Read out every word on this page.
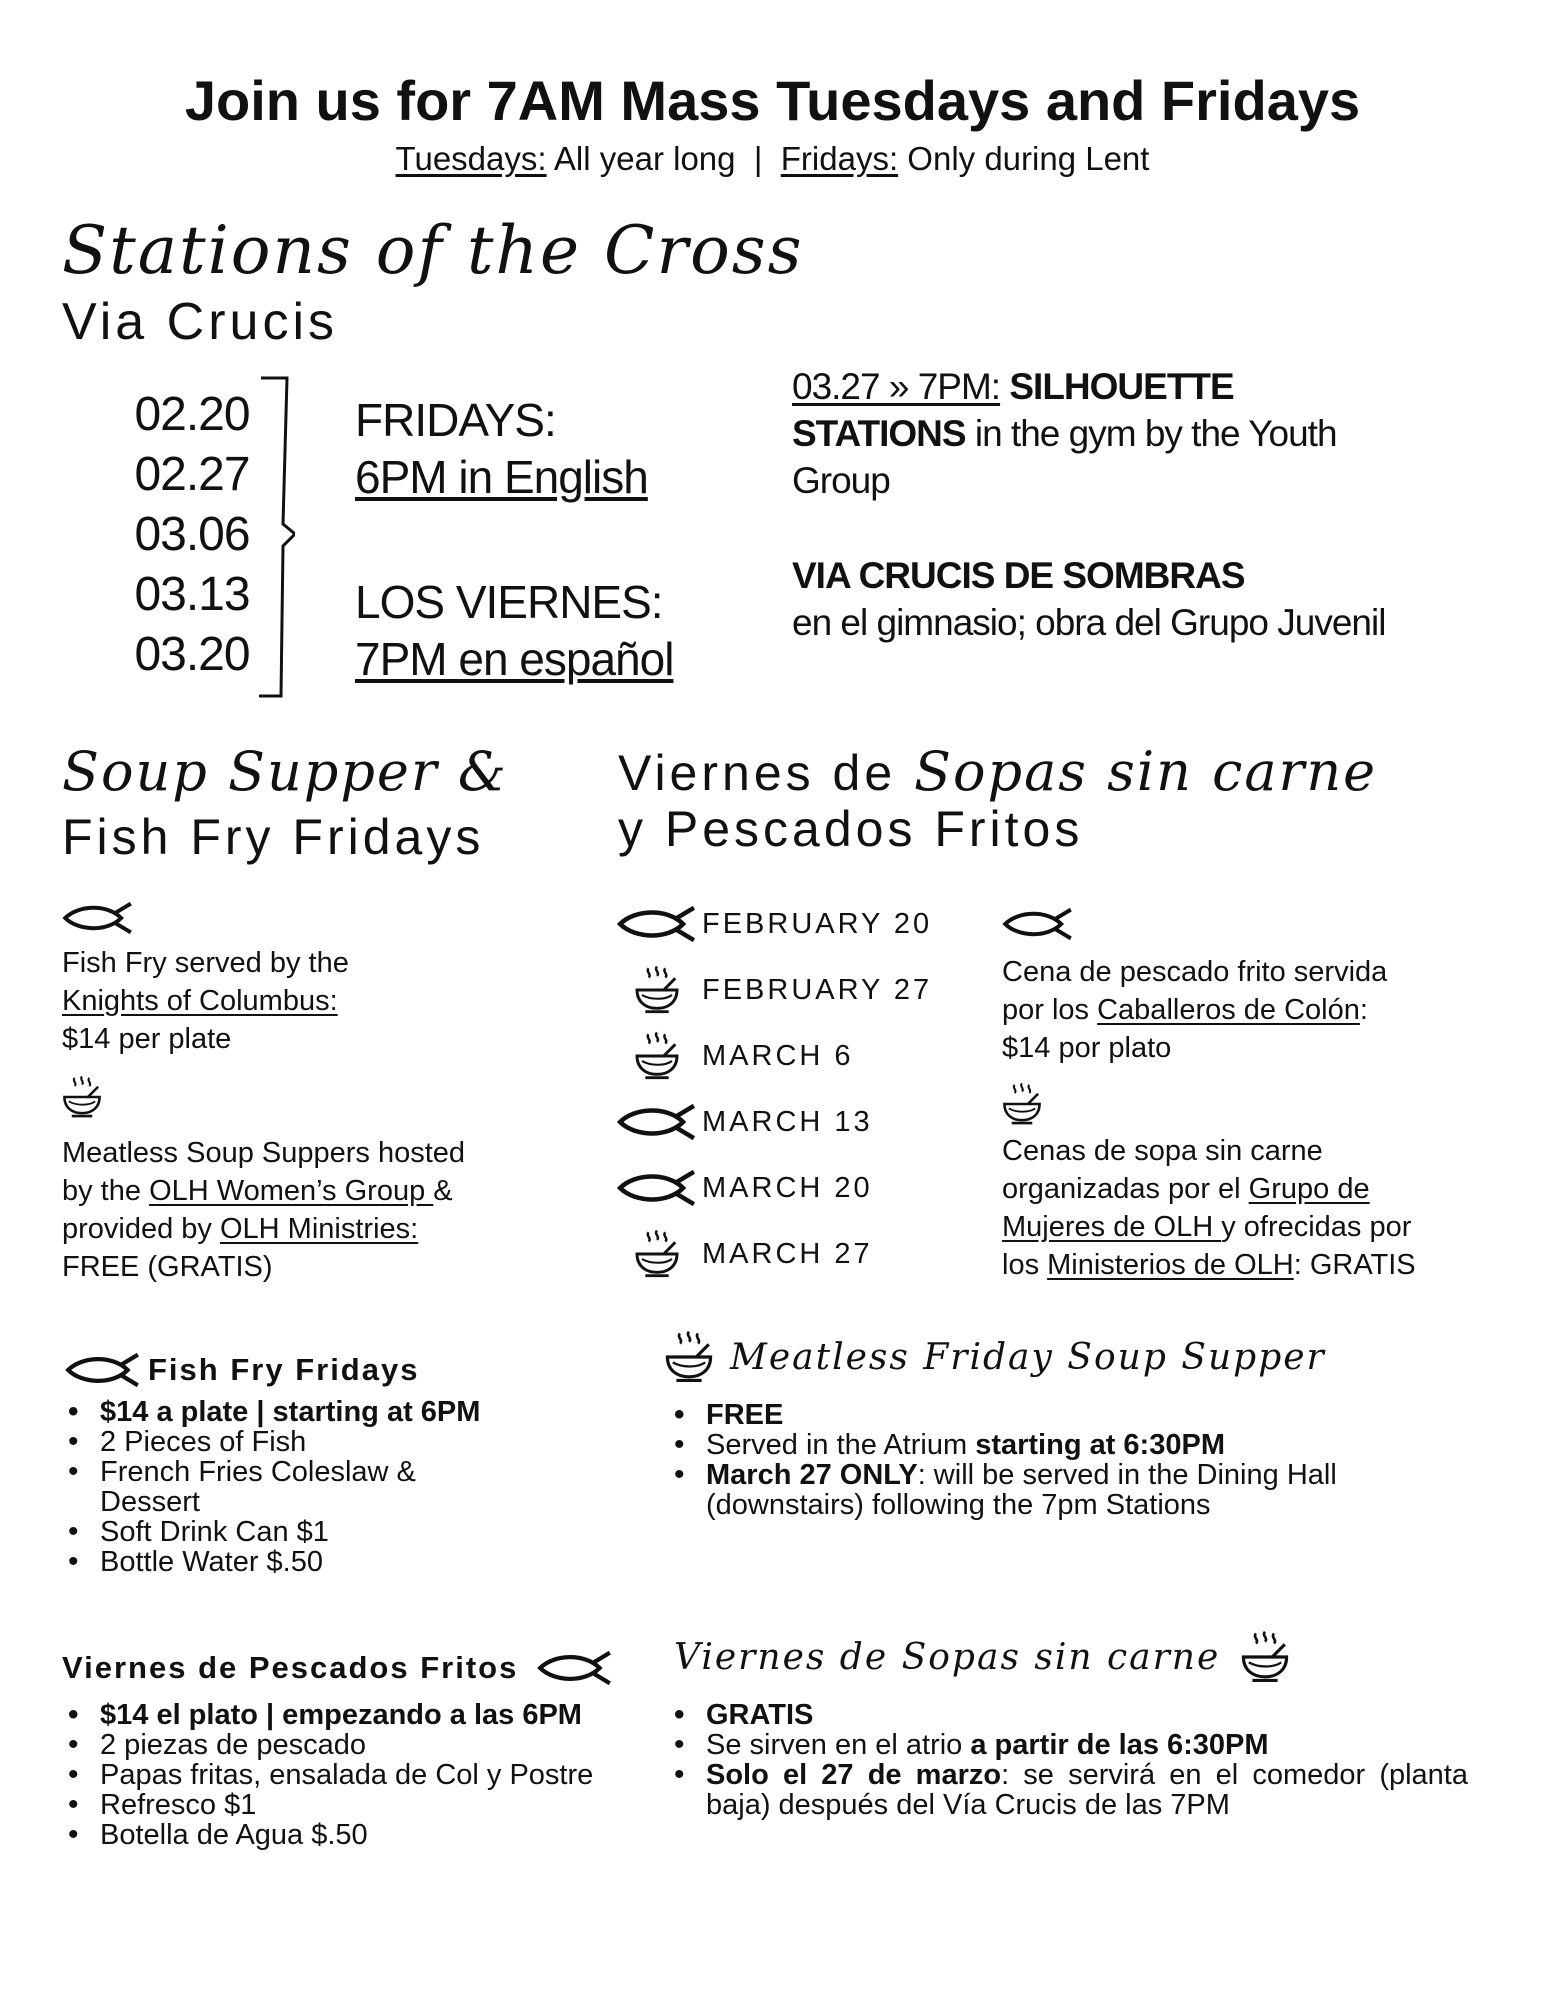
Join us for 7AM Mass Tuesdays and Fridays
Tuesdays: All year long  |  Fridays: Only during Lent
Stations of the Cross
Via Crucis
02.20
02.27
03.06
03.13
03.20
FRIDAYS:
6PM in English
LOS VIERNES:
7PM en español
03.27 » 7PM: SILHOUETTE
STATIONS in the gym by the Youth Group
VIA CRUCIS DE SOMBRAS
en el gimnasio; obra del Grupo Juvenil
Soup Supper &
Fish Fry Fridays
Viernes de Sopas sin carne
y Pescados Fritos
Fish Fry served by the
Knights of Columbus:
$14 per plate
Meatless Soup Suppers hosted
by the OLH Women’s Group &
provided by OLH Ministries:
FREE (GRATIS)
FEBRUARY 20
FEBRUARY 27
MARCH 6
MARCH 13
MARCH 20
MARCH 27
Cena de pescado frito servida
por los Caballeros de Colón:
$14 por plato
Cenas de sopa sin carne
organizadas por el Grupo de
Mujeres de OLH y ofrecidas por
los Ministerios de OLH: GRATIS
Fish Fry Fridays
• $14 a plate | starting at 6PM
• 2 Pieces of Fish
• French Fries Coleslaw & Dessert
• Soft Drink Can $1
• Bottle Water $.50
Meatless Friday Soup Supper
• FREE
• Served in the Atrium starting at 6:30PM
• March 27 ONLY: will be served in the Dining Hall (downstairs) following the 7pm Stations
Viernes de Pescados Fritos
• $14 el plato | empezando a las 6PM
• 2 piezas de pescado
• Papas fritas, ensalada de Col y Postre
• Refresco $1
• Botella de Agua $.50
Viernes de Sopas sin carne
• GRATIS
• Se sirven en el atrio a partir de las 6:30PM
• Solo el 27 de marzo: se servirá en el comedor (planta baja) después del Vía Crucis de las 7PM
